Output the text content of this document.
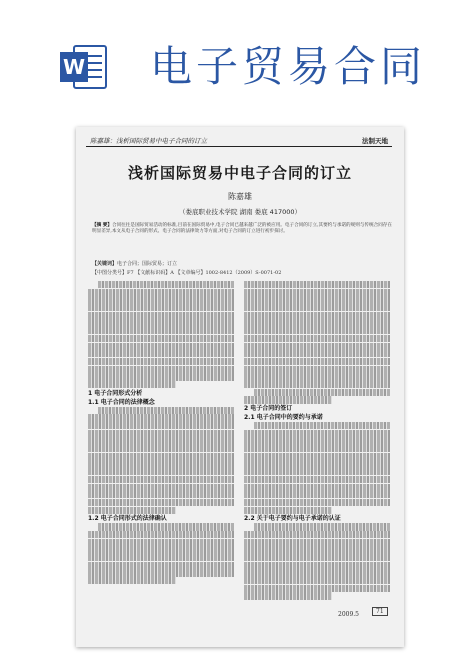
W 电子贸易合同
陈嘉雄：浅析国际贸易中电子合同的订立	法制天地
浅析国际贸易中电子合同的订立
陈嘉雄
（娄底职业技术学院 湖南 娄底 417000）
【摘 要】合同往往是国际贸易活动的标准,目前在国际贸易中,电子合同已越来越广泛的被应用。电子合同的订立,其要约与承诺的规则与传统合同存在明显差异,本文从电子合同的形式、电子合同的法律效力等方面,对电子合同的订立进行初步探讨。
【关键词】电子合同；国际贸易；订立
【中图分类号】F7 【文献标识码】A 【文章编号】1002-8412（2009）S-0071-02
1 电子合同形式分析
1.1 电子合同的法律概念
1.2 电子合同形式的法律确认
2 电子合同的签订
2.1 电子合同中的要约与承诺
2.2 关于电子要约与电子承诺的认证
2009.5	71
